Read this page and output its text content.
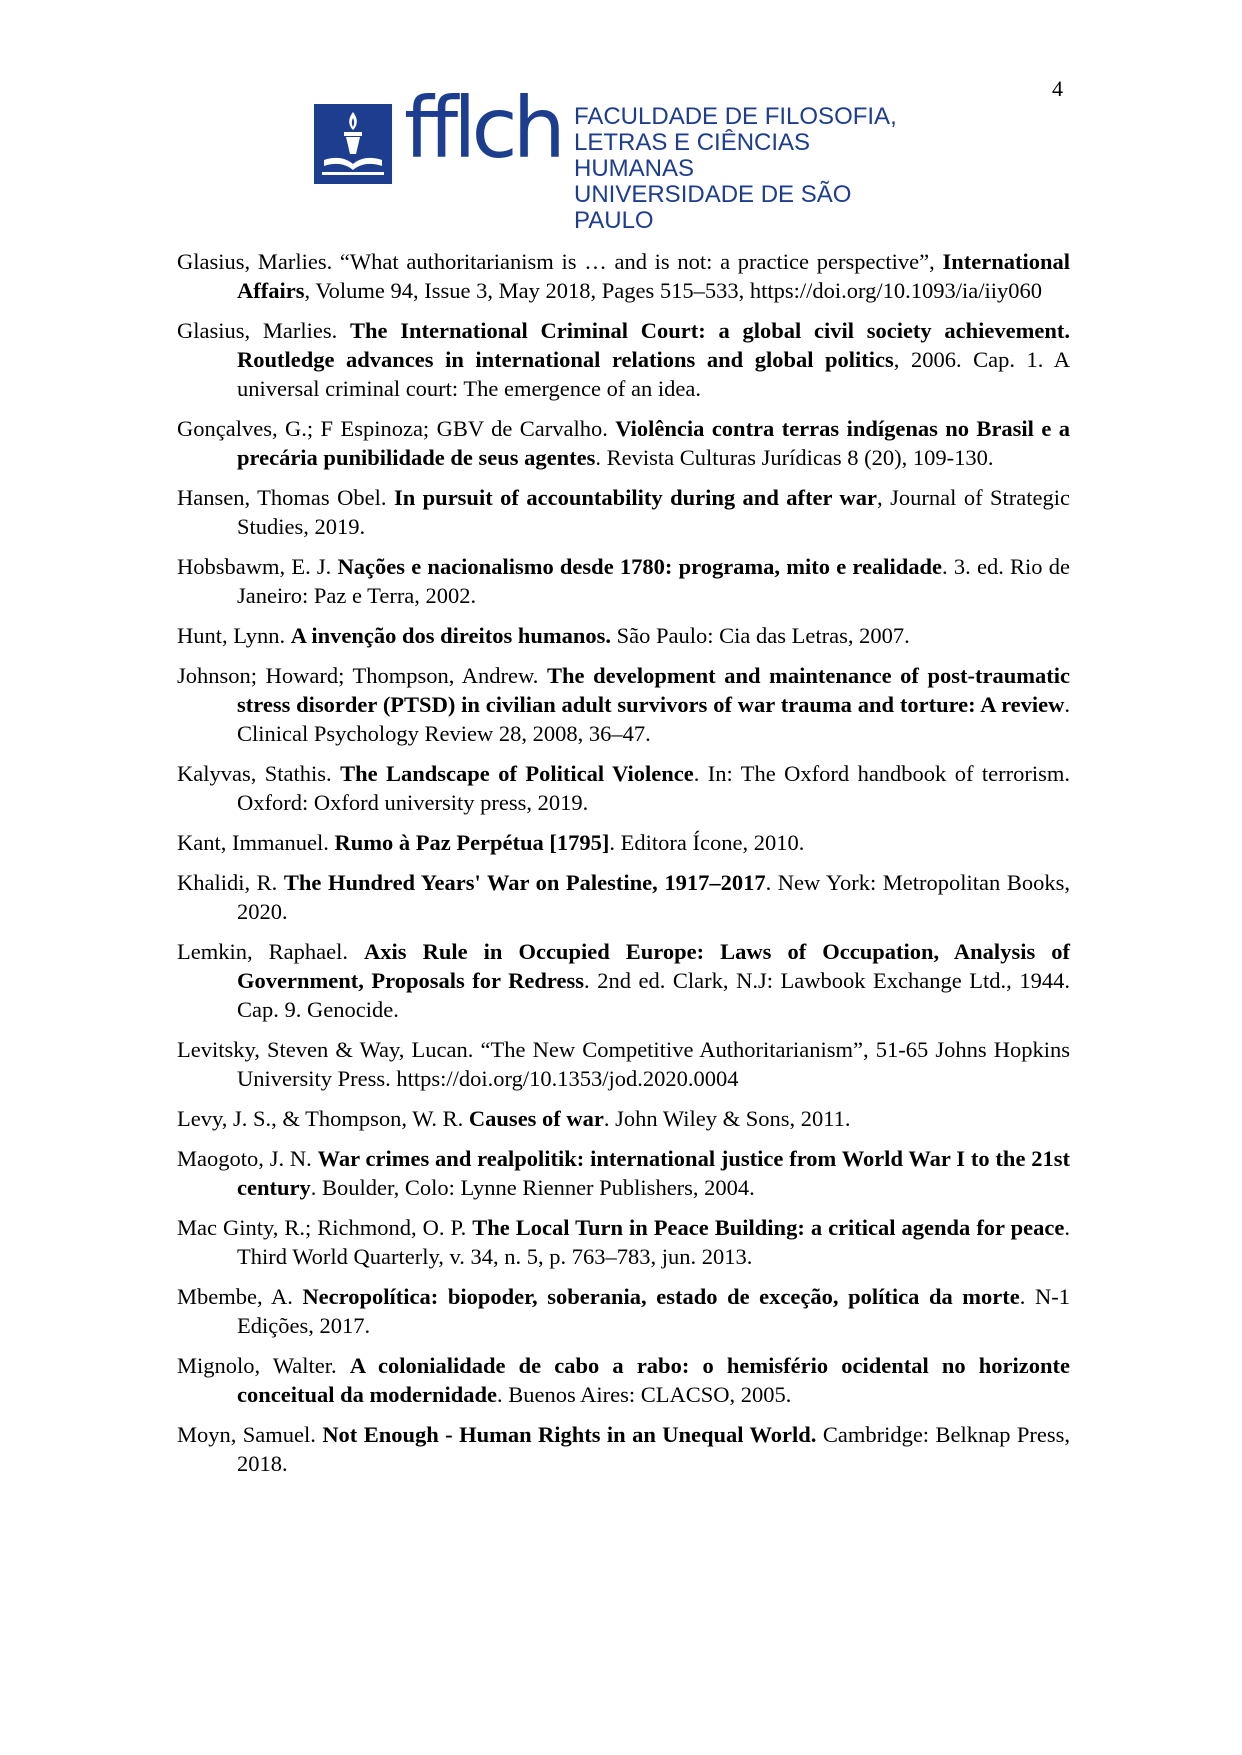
4
fflch FACULDADE DE FILOSOFIA,
LETRAS E CIÊNCIAS HUMANAS
UNIVERSIDADE DE SÃO PAULO

Glasius, Marlies. “What authoritarianism is … and is not: a practice perspective”, International Affairs, Volume 94, Issue 3, May 2018, Pages 515–533, https://doi.org/10.1093/ia/iiy060

Glasius, Marlies. The International Criminal Court: a global civil society achievement. Routledge advances in international relations and global politics, 2006. Cap. 1. A universal criminal court: The emergence of an idea.

Gonçalves, G.; F Espinoza; GBV de Carvalho. Violência contra terras indígenas no Brasil e a precária punibilidade de seus agentes. Revista Culturas Jurídicas 8 (20), 109-130.

Hansen, Thomas Obel. In pursuit of accountability during and after war, Journal of Strategic Studies, 2019.

Hobsbawm, E. J. Nações e nacionalismo desde 1780: programa, mito e realidade. 3. ed. Rio de Janeiro: Paz e Terra, 2002.

Hunt, Lynn. A invenção dos direitos humanos. São Paulo: Cia das Letras, 2007.

Johnson; Howard; Thompson, Andrew. The development and maintenance of post-traumatic stress disorder (PTSD) in civilian adult survivors of war trauma and torture: A review. Clinical Psychology Review 28, 2008, 36–47.

Kalyvas, Stathis. The Landscape of Political Violence. In: The Oxford handbook of terrorism. Oxford: Oxford university press, 2019.

Kant, Immanuel. Rumo à Paz Perpétua [1795]. Editora Ícone, 2010.

Khalidi, R. The Hundred Years' War on Palestine, 1917–2017. New York: Metropolitan Books, 2020.

Lemkin, Raphael. Axis Rule in Occupied Europe: Laws of Occupation, Analysis of Government, Proposals for Redress. 2nd ed. Clark, N.J: Lawbook Exchange Ltd., 1944. Cap. 9. Genocide.

Levitsky, Steven & Way, Lucan. “The New Competitive Authoritarianism”, 51-65 Johns Hopkins University Press. https://doi.org/10.1353/jod.2020.0004

Levy, J. S., & Thompson, W. R. Causes of war. John Wiley & Sons, 2011.

Maogoto, J. N. War crimes and realpolitik: international justice from World War I to the 21st century. Boulder, Colo: Lynne Rienner Publishers, 2004.

Mac Ginty, R.; Richmond, O. P. The Local Turn in Peace Building: a critical agenda for peace. Third World Quarterly, v. 34, n. 5, p. 763–783, jun. 2013.

Mbembe, A. Necropolítica: biopoder, soberania, estado de exceção, política da morte. N-1 Edições, 2017.

Mignolo, Walter. A colonialidade de cabo a rabo: o hemisfério ocidental no horizonte conceitual da modernidade. Buenos Aires: CLACSO, 2005.

Moyn, Samuel. Not Enough - Human Rights in an Unequal World. Cambridge: Belknap Press, 2018.
